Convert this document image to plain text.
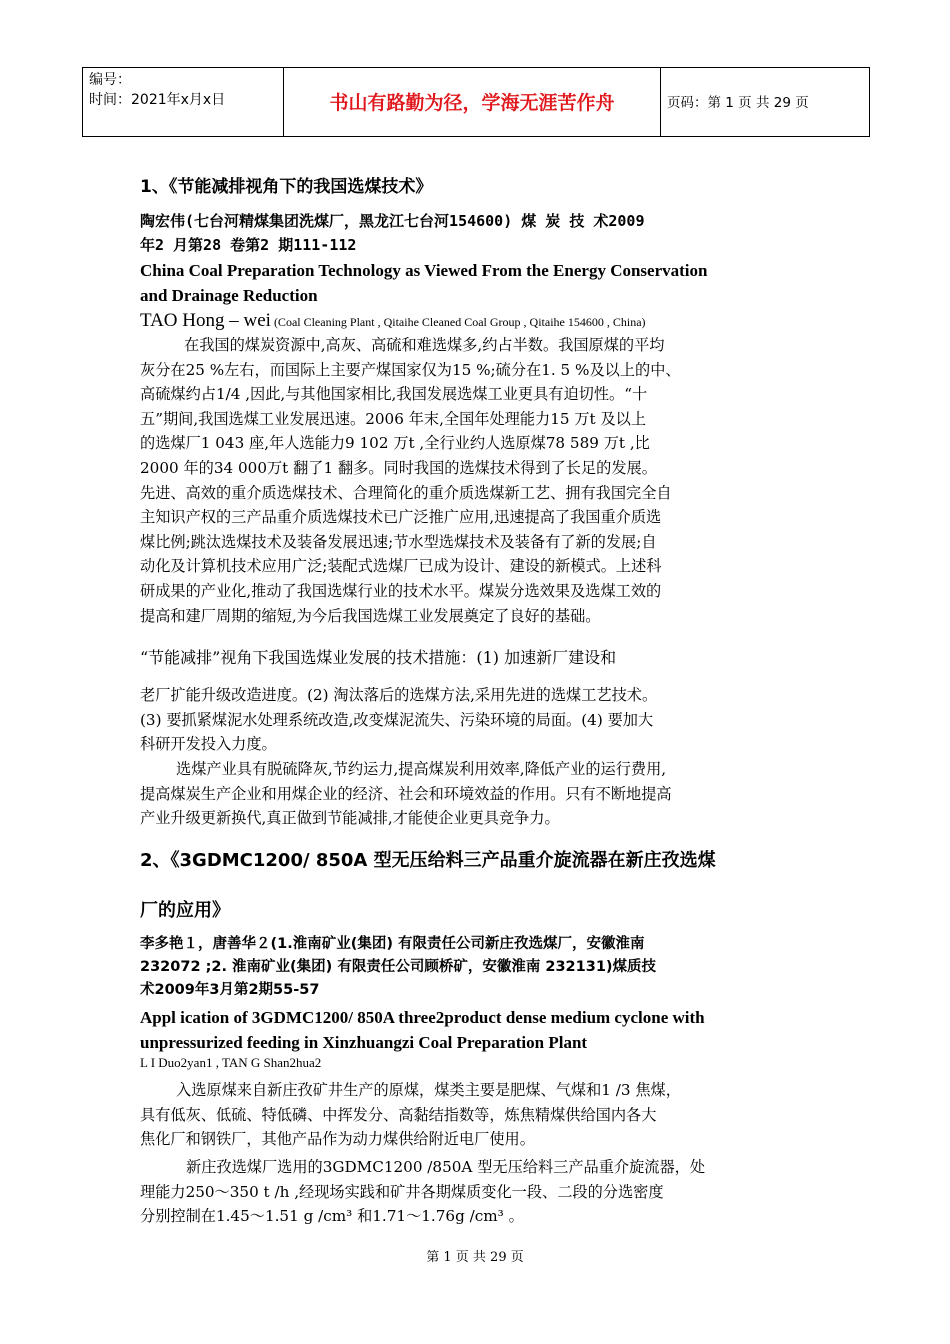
编号：
时间：2021年x月x日	书山有路勤为径，学海无涯苦作舟	页码：第 1 页 共 29 页
1、《节能减排视角下的我国选煤技术》
陶宏伟(七台河精煤集团洗煤厂，黑龙江七台河154600) 煤 炭 技 术2009
年2 月第28 卷第2 期111-112
China Coal Preparation Technology as Viewed From the Energy Conservation
and Drainage Reduction
TAO Hong – wei (Coal Cleaning Plant , Qitaihe Cleaned Coal Group , Qitaihe 154600 , China)
在我国的煤炭资源中,高灰、高硫和难选煤多,约占半数。我国原煤的平均
灰分在25 %左右，而国际上主要产煤国家仅为15 %;硫分在1. 5 %及以上的中、
高硫煤约占1/4 ,因此,与其他国家相比,我国发展选煤工业更具有迫切性。“十
五”期间,我国选煤工业发展迅速。2006 年末,全国年处理能力15 万t 及以上
的选煤厂1 043 座,年人选能力9 102 万t ,全行业约人选原煤78 589 万t ,比
2000 年的34 000万t 翻了1 翻多。同时我国的选煤技术得到了长足的发展。
先进、高效的重介质选煤技术、合理简化的重介质选煤新工艺、拥有我国完全自
主知识产权的三产品重介质选煤技术已广泛推广应用,迅速提高了我国重介质选
煤比例;跳汰选煤技术及装备发展迅速;节水型选煤技术及装备有了新的发展;自
动化及计算机技术应用广泛;装配式选煤厂已成为设计、建设的新模式。上述科
研成果的产业化,推动了我国选煤行业的技术水平。煤炭分选效果及选煤工效的
提高和建厂周期的缩短,为今后我国选煤工业发展奠定了良好的基础。
“节能减排”视角下我国选煤业发展的技术措施：(1) 加速新厂建设和
老厂扩能升级改造进度。(2) 淘汰落后的选煤方法,采用先进的选煤工艺技术。
(3) 要抓紧煤泥水处理系统改造,改变煤泥流失、污染环境的局面。(4) 要加大
科研开发投入力度。
选煤产业具有脱硫降灰,节约运力,提高煤炭利用效率,降低产业的运行费用,
提高煤炭生产企业和用煤企业的经济、社会和环境效益的作用。只有不断地提高
产业升级更新换代,真正做到节能减排,才能使企业更具竞争力。
2、《3GDMC1200/ 850A 型无压给料三产品重介旋流器在新庄孜选煤
厂的应用》
李多艳１，唐善华２(1.淮南矿业(集团) 有限责任公司新庄孜选煤厂，安徽淮南
232072 ;2. 淮南矿业(集团) 有限责任公司顾桥矿，安徽淮南 232131)煤质技
术2009年3月第2期55-57
Appl ication of 3GDMC1200/ 850A three2product dense medium cyclone with
unpressurized feeding in Xinzhuangzi Coal Preparation Plant
L I Duo2yan1 , TAN G Shan2hua2
入选原煤来自新庄孜矿井生产的原煤，煤类主要是肥煤、气煤和1 /3 焦煤，
具有低灰、低硫、特低磷、中挥发分、高黏结指数等，炼焦精煤供给国内各大
焦化厂和钢铁厂，其他产品作为动力煤供给附近电厂使用。
新庄孜选煤厂选用的3GDMC1200 /850A 型无压给料三产品重介旋流器，处
理能力250～350 t /h ,经现场实践和矿井各期煤质变化一段、二段的分选密度
分别控制在1.45～1.51 g /cm³ 和1.71～1.76g /cm³ 。
第 1 页 共 29 页
